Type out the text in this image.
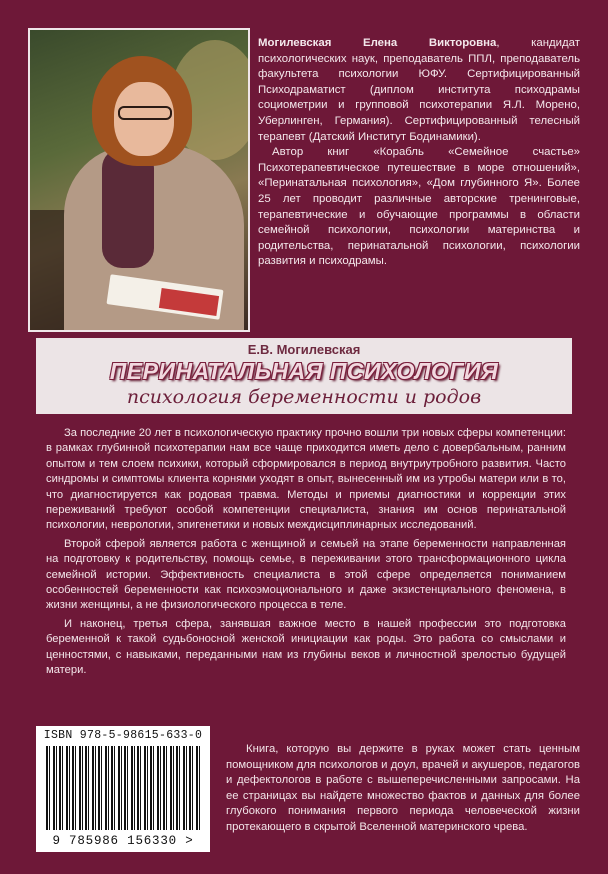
Могилевская Елена Викторовна, кандидат психологических наук, преподаватель ППЛ, преподаватель факультета психологии ЮФУ. Сертифицированный Психодраматист (диплом института психодрамы социометрии и групповой психотерапии Я.Л. Морено, Уберлинген, Германия). Сертифицированный телесный терапевт (Датский Институт Бодинамики).

Автор книг «Корабль «Семейное счастье» Психотерапевтическое путешествие в море отношений», «Перинатальная психология», «Дом глубинного Я». Более 25 лет проводит различные авторские тренинговые, терапевтические и обучающие программы в области семейной психологии, психологии материнства и родительства, перинатальной психологии, психологии развития и психодрамы.

Е.В. Могилевская
ПЕРИНАТАЛЬНАЯ ПСИХОЛОГИЯ
психология беременности и родов

За последние 20 лет в психологическую практику прочно вошли три новых сферы компетенции: в рамках глубинной психотерапии нам все чаще приходится иметь дело с довербальным, ранним опытом и тем слоем психики, который сформировался в период внутриутробного развития. Часто синдромы и симптомы клиента корнями уходят в опыт, вынесенный им из утробы матери или в то, что диагностируется как родовая травма. Методы и приемы диагностики и коррекции этих переживаний требуют особой компетенции специалиста, знания им основ перинатальной психологии, неврологии, эпигенетики и новых междисциплинарных исследований.

Второй сферой является работа с женщиной и семьей на этапе беременности направленная на подготовку к родительству, помощь семье, в переживании этого трансформационного цикла семейной истории. Эффективность специалиста в этой сфере определяется пониманием особенностей беременности как психоэмоционального и даже экзистенциального феномена, в жизни женщины, а не физиологического процесса в теле.

И наконец, третья сфера, занявшая важное место в нашей профессии это подготовка беременной к такой судьбоносной женской инициации как роды. Это работа со смыслами и ценностями, с навыками, переданными нам из глубины веков и личностной зрелостью будущей матери.

ISBN 978-5-98615-633-0
9 785986 156330 >

Книга, которую вы держите в руках может стать ценным помощником для психологов и доул, врачей и акушеров, педагогов и дефектологов в работе с вышеперечисленными запросами. На ее страницах вы найдете множество фактов и данных для более глубокого понимания первого периода человеческой жизни протекающего в скрытой Вселенной материнского чрева.
